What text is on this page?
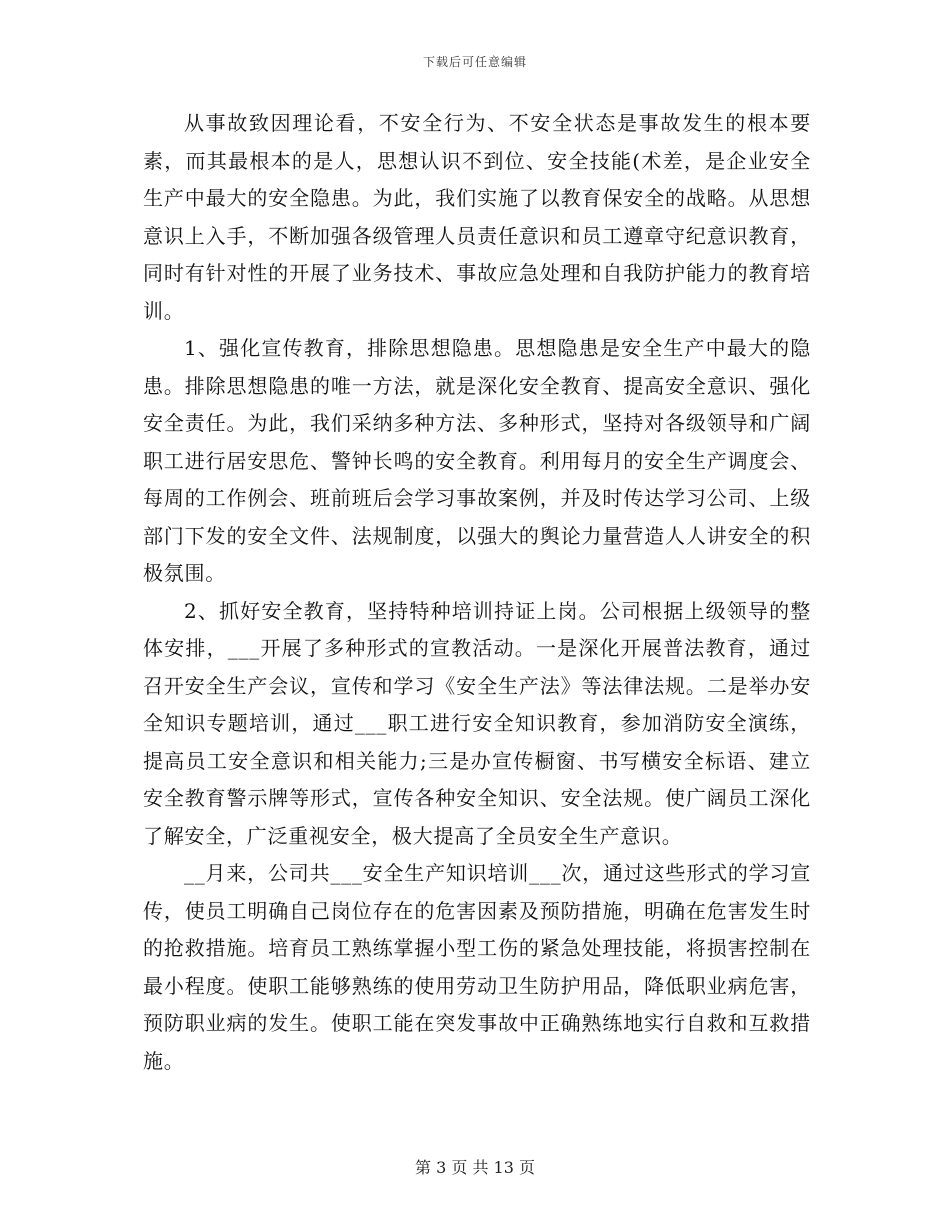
下载后可任意编辑

从事故致因理论看，不安全行为、不安全状态是事故发生的根本要素，而其最根本的是人，思想认识不到位、安全技能(术差，是企业安全生产中最大的安全隐患。为此，我们实施了以教育保安全的战略。从思想意识上入手，不断加强各级管理人员责任意识和员工遵章守纪意识教育，同时有针对性的开展了业务技术、事故应急处理和自我防护能力的教育培训。

1、强化宣传教育，排除思想隐患。思想隐患是安全生产中最大的隐患。排除思想隐患的唯一方法，就是深化安全教育、提高安全意识、强化安全责任。为此，我们采纳多种方法、多种形式，坚持对各级领导和广阔职工进行居安思危、警钟长鸣的安全教育。利用每月的安全生产调度会、每周的工作例会、班前班后会学习事故案例，并及时传达学习公司、上级部门下发的安全文件、法规制度，以强大的舆论力量营造人人讲安全的积极氛围。

2、抓好安全教育，坚持特种培训持证上岗。公司根据上级领导的整体安排，___开展了多种形式的宣教活动。一是深化开展普法教育，通过召开安全生产会议，宣传和学习《安全生产法》等法律法规。二是举办安全知识专题培训，通过___职工进行安全知识教育，参加消防安全演练，提高员工安全意识和相关能力;三是办宣传橱窗、书写横安全标语、建立安全教育警示牌等形式，宣传各种安全知识、安全法规。使广阔员工深化了解安全，广泛重视安全，极大提高了全员安全生产意识。

__月来，公司共___安全生产知识培训___次，通过这些形式的学习宣传，使员工明确自己岗位存在的危害因素及预防措施，明确在危害发生时的抢救措施。培育员工熟练掌握小型工伤的紧急处理技能，将损害控制在最小程度。使职工能够熟练的使用劳动卫生防护用品，降低职业病危害，预防职业病的发生。使职工能在突发事故中正确熟练地实行自救和互救措施。

第 3 页 共 13 页
